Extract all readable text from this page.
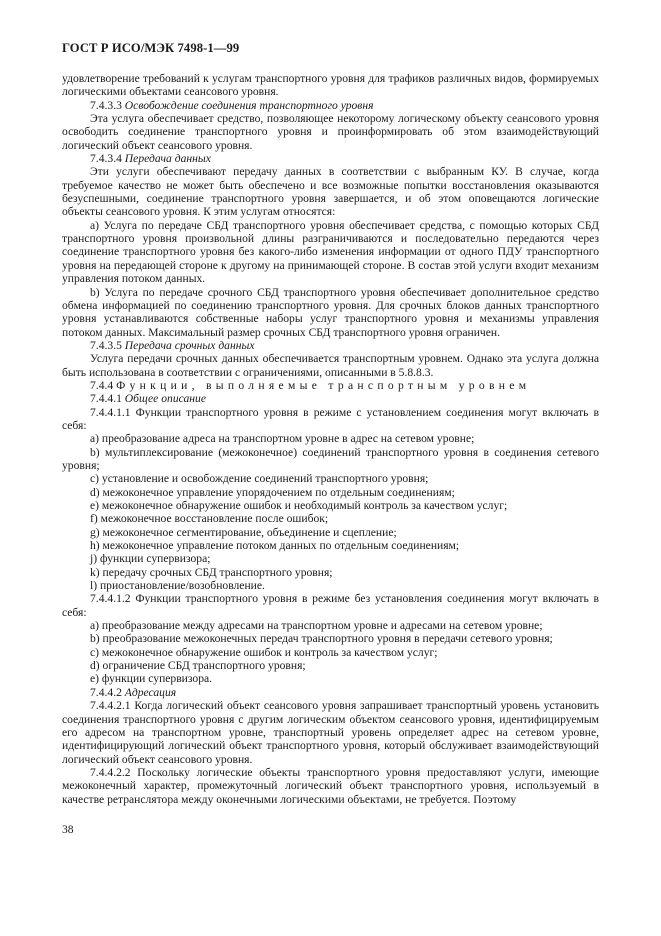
ГОСТ Р ИСО/МЭК 7498-1—99

удовлетворение требований к услугам транспортного уровня для трафиков различных видов, формируемых логическими объектами сеансового уровня.

7.4.3.3 Освобождение соединения транспортного уровня

Эта услуга обеспечивает средство, позволяющее некоторому логическому объекту сеансового уровня освободить соединение транспортного уровня и проинформировать об этом взаимодействующий логический объект сеансового уровня.

7.4.3.4 Передача данных

Эти услуги обеспечивают передачу данных в соответствии с выбранным КУ. В случае, когда требуемое качество не может быть обеспечено и все возможные попытки восстановления оказываются безуспешными, соединение транспортного уровня завершается, и об этом оповещаются логические объекты сеансового уровня. К этим услугам относятся:

a) Услуга по передаче СБД транспортного уровня обеспечивает средства, с помощью которых СБД транспортного уровня произвольной длины разграничиваются и последовательно передаются через соединение транспортного уровня без какого-либо изменения информации от одного ПДУ транспортного уровня на передающей стороне к другому на принимающей стороне. В состав этой услуги входит механизм управления потоком данных.

b) Услуга по передаче срочного СБД транспортного уровня обеспечивает дополнительное средство обмена информацией по соединению транспортного уровня. Для срочных блоков данных транспортного уровня устанавливаются собственные наборы услуг транспортного уровня и механизмы управления потоком данных. Максимальный размер срочных СБД транспортного уровня ограничен.

7.4.3.5 Передача срочных данных

Услуга передачи срочных данных обеспечивается транспортным уровнем. Однако эта услуга должна быть использована в соответствии с ограничениями, описанными в 5.8.8.3.

7.4.4 Функции, выполняемые транспортным уровнем

7.4.4.1 Общее описание

7.4.4.1.1 Функции транспортного уровня в режиме с установлением соединения могут включать в себя:

a) преобразование адреса на транспортном уровне в адрес на сетевом уровне;

b) мультиплексирование (межоконечное) соединений транспортного уровня в соединения сетевого уровня;

c) установление и освобождение соединений транспортного уровня;

d) межоконечное управление упорядочением по отдельным соединениям;

e) межоконечное обнаружение ошибок и необходимый контроль за качеством услуг;

f) межоконечное восстановление после ошибок;

g) межоконечное сегментирование, объединение и сцепление;

h) межоконечное управление потоком данных по отдельным соединениям;

j) функции супервизора;

k) передачу срочных СБД транспортного уровня;

l) приостановление/возобновление.

7.4.4.1.2 Функции транспортного уровня в режиме без установления соединения могут включать в себя:

a) преобразование между адресами на транспортном уровне и адресами на сетевом уровне;

b) преобразование межоконечных передач транспортного уровня в передачи сетевого уровня;

c) межоконечное обнаружение ошибок и контроль за качеством услуг;

d) ограничение СБД транспортного уровня;

e) функции супервизора.

7.4.4.2 Адресация

7.4.4.2.1 Когда логический объект сеансового уровня запрашивает транспортный уровень установить соединения транспортного уровня с другим логическим объектом сеансового уровня, идентифицируемым его адресом на транспортном уровне, транспортный уровень определяет адрес на сетевом уровне, идентифицирующий логический объект транспортного уровня, который обслуживает взаимодействующий логический объект сеансового уровня.

7.4.4.2.2 Поскольку логические объекты транспортного уровня предоставляют услуги, имеющие межоконечный характер, промежуточный логический объект транспортного уровня, используемый в качестве ретранслятора между оконечными логическими объектами, не требуется. Поэтому

38
